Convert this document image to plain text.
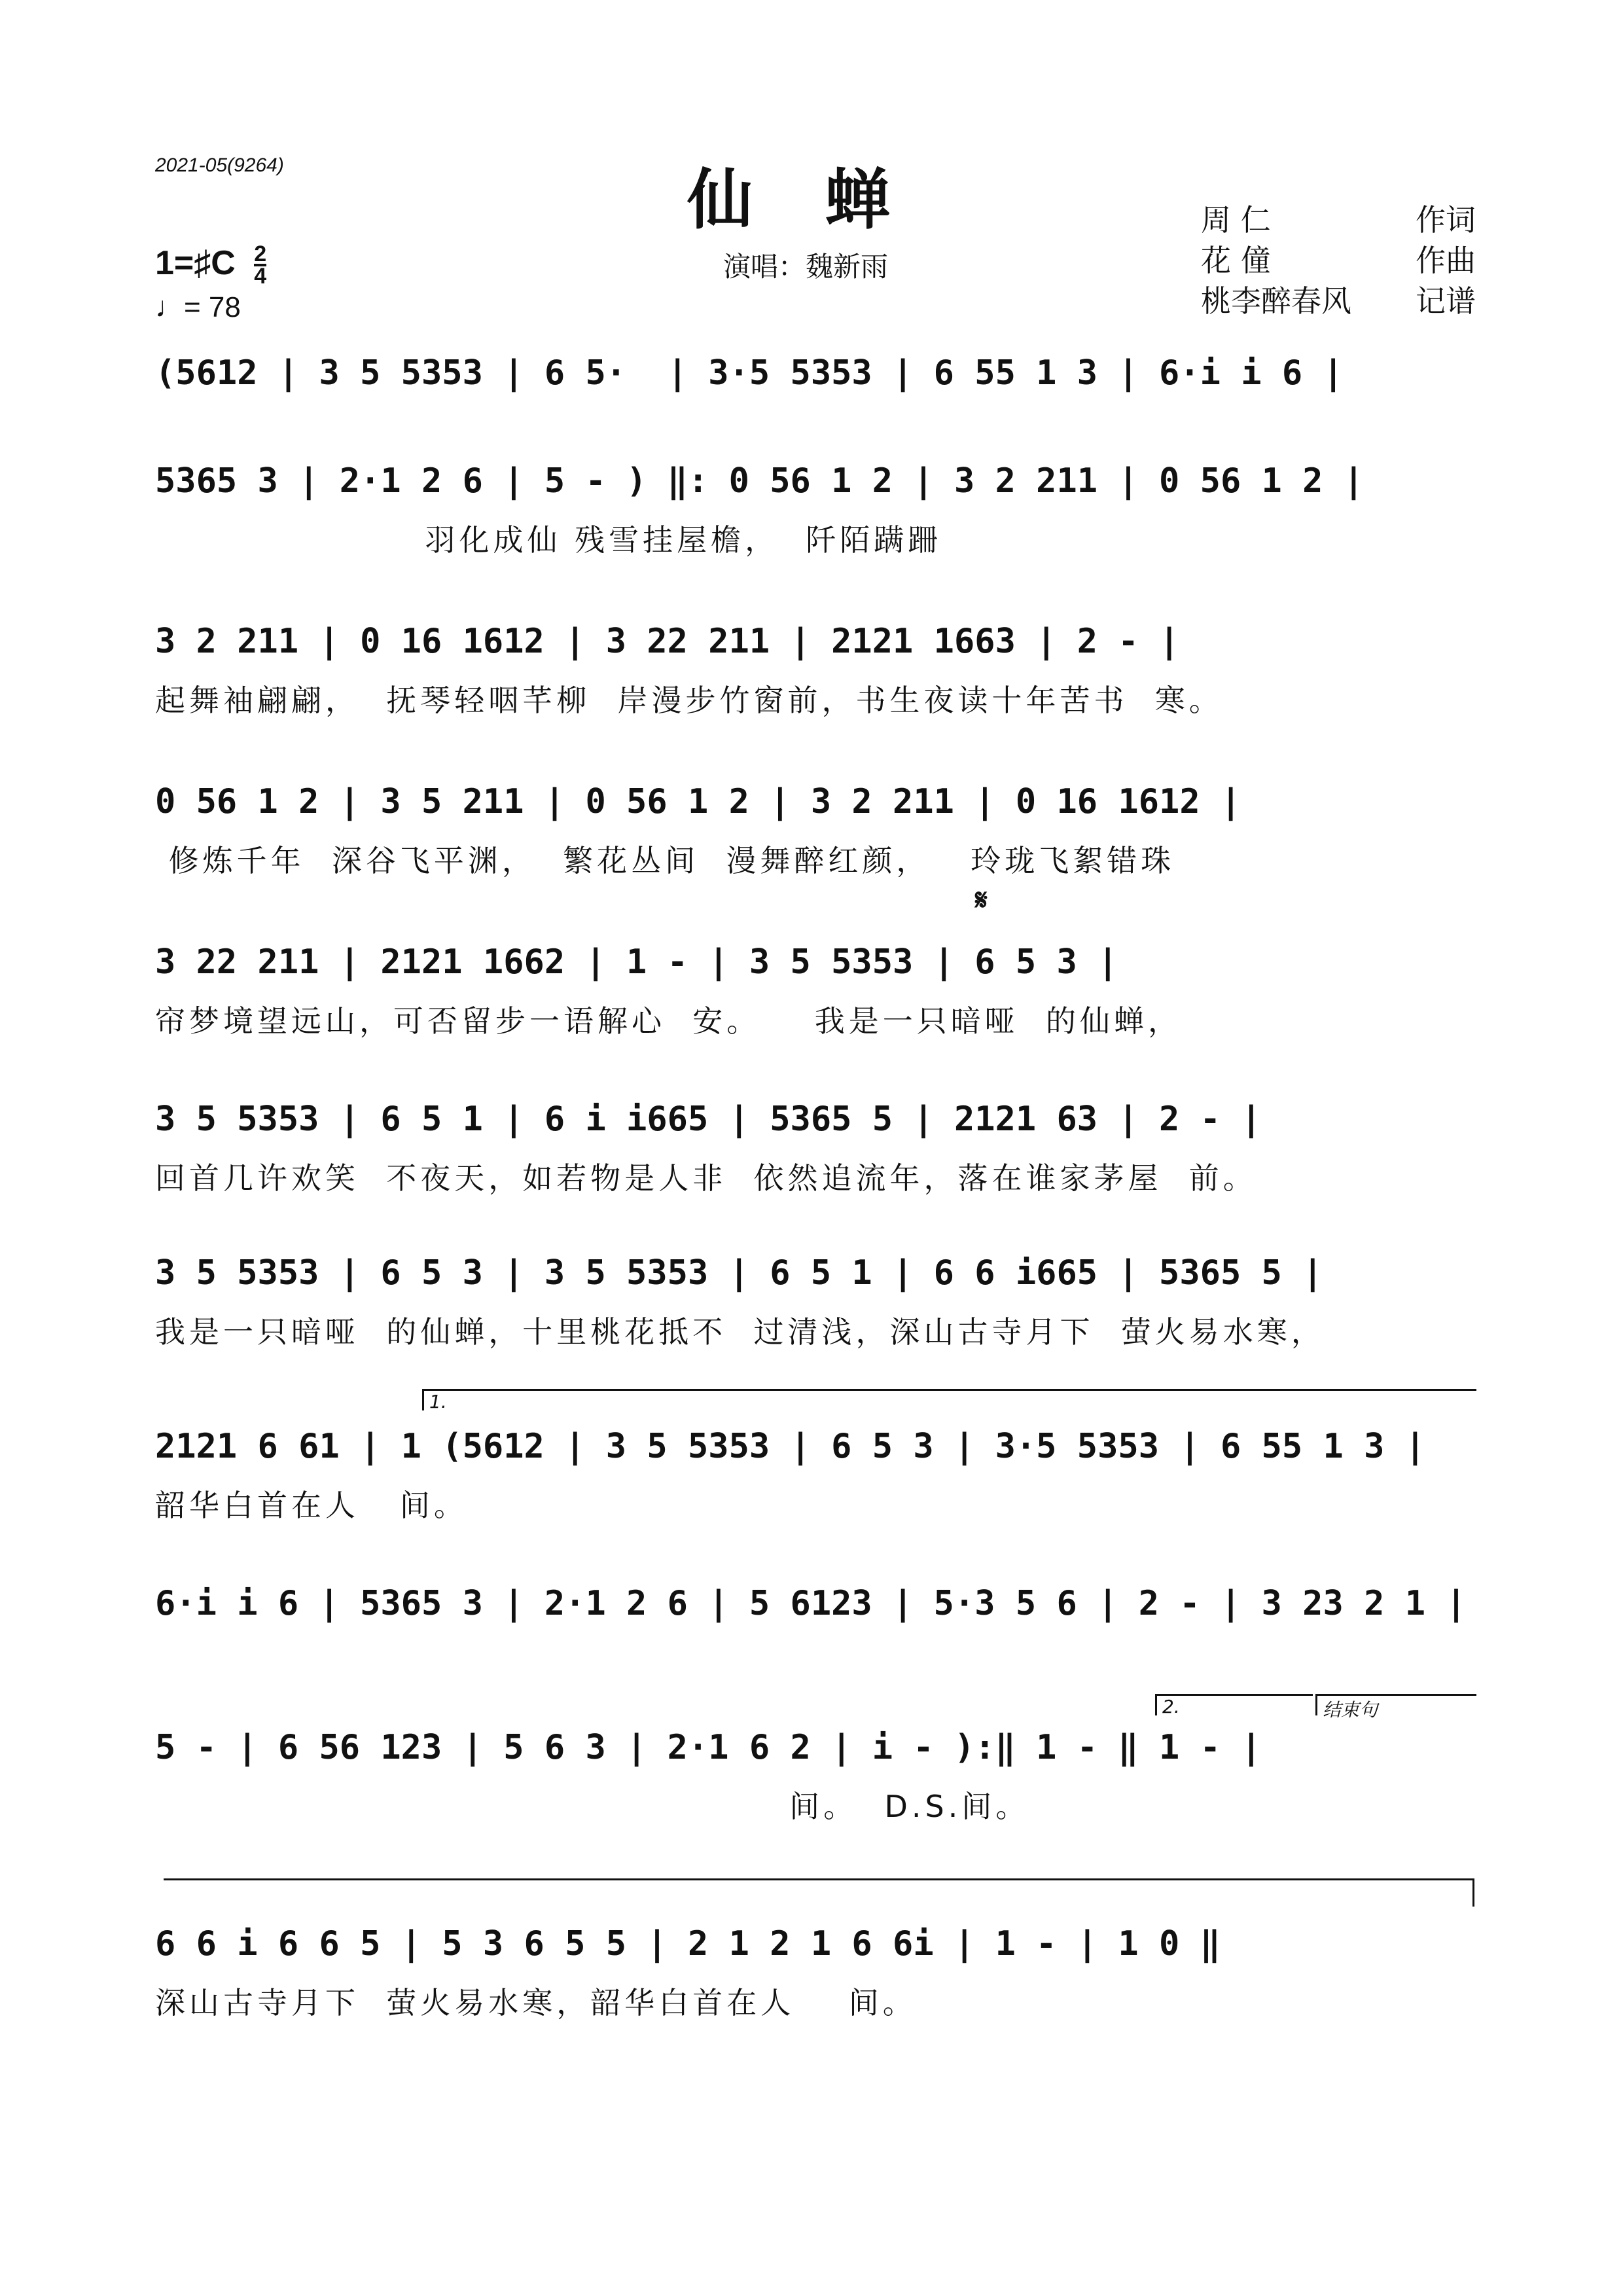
2021-05(9264)	仙蝉
演唱：魏新雨
周 仁	作词
花 僮	作曲
桃李醉春风 记谱
1=♯C $\frac{2}{4}$
♩= 78
𝄋
(5612 | 3 5 5353 | 6 5·  | 3·5 5353 | 6 55 1 3 | 6·i i 6 |
5365 3 | 2·1 2 6 | 5 - ) ‖: 0 56 1 2 | 3 2 211 | 0 56 1 2 |
羽化成仙 残雪挂屋檐，  阡陌蹒跚
3 2 211 | 0 16 1612 | 3 22 211 | 2121 1663 | 2 - |
起舞袖翩翩，  抚琴轻咽芊柳  岸漫步竹窗前，书生夜读十年苦书  寒。
0 56 1 2 | 3 5 211 | 0 56 1 2 | 3 2 211 | 0 16 1612 |
修炼千年  深谷飞平渊，  繁花丛间  漫舞醉红颜，   玲珑飞絮错珠
3 22 211 | 2121 1662 | 1 - | 3 5 5353 | 6 5 3 |
帘梦境望远山，可否留步一语解心  安。    我是一只暗哑  的仙蝉，
3 5 5353 | 6 5 1 | 6 i i665 | 5365 5 | 2121 63 | 2 - |
回首几许欢笑  不夜天，如若物是人非  依然追流年，落在谁家茅屋  前。
3 5 5353 | 6 5 3 | 3 5 5353 | 6 5 1 | 6 6 i665 | 5365 5 |
我是一只暗哑  的仙蝉，十里桃花抵不  过清浅，深山古寺月下  萤火易水寒，
2121 6 61 | 1 (5612 | 3 5 5353 | 6 5 3 | 3·5 5353 | 6 55 1 3 |
韶华白首在人   间。
6·i i 6 | 5365 3 | 2·1 2 6 | 5 6123 | 5·3 5 6 | 2 - | 3 23 2 1 |
5 - | 6 56 123 | 5 6 3 | 2·1 6 2 | i - ):‖ 1 - ‖ 1 - |
间。  D.S.间。
6 6 i 6 6 5 | 5 3 6 5 5 | 2 1 2 1 6 6i | 1 - | 1 0 ‖
深山古寺月下  萤火易水寒，韶华白首在人    间。
1.
2.	结束句
